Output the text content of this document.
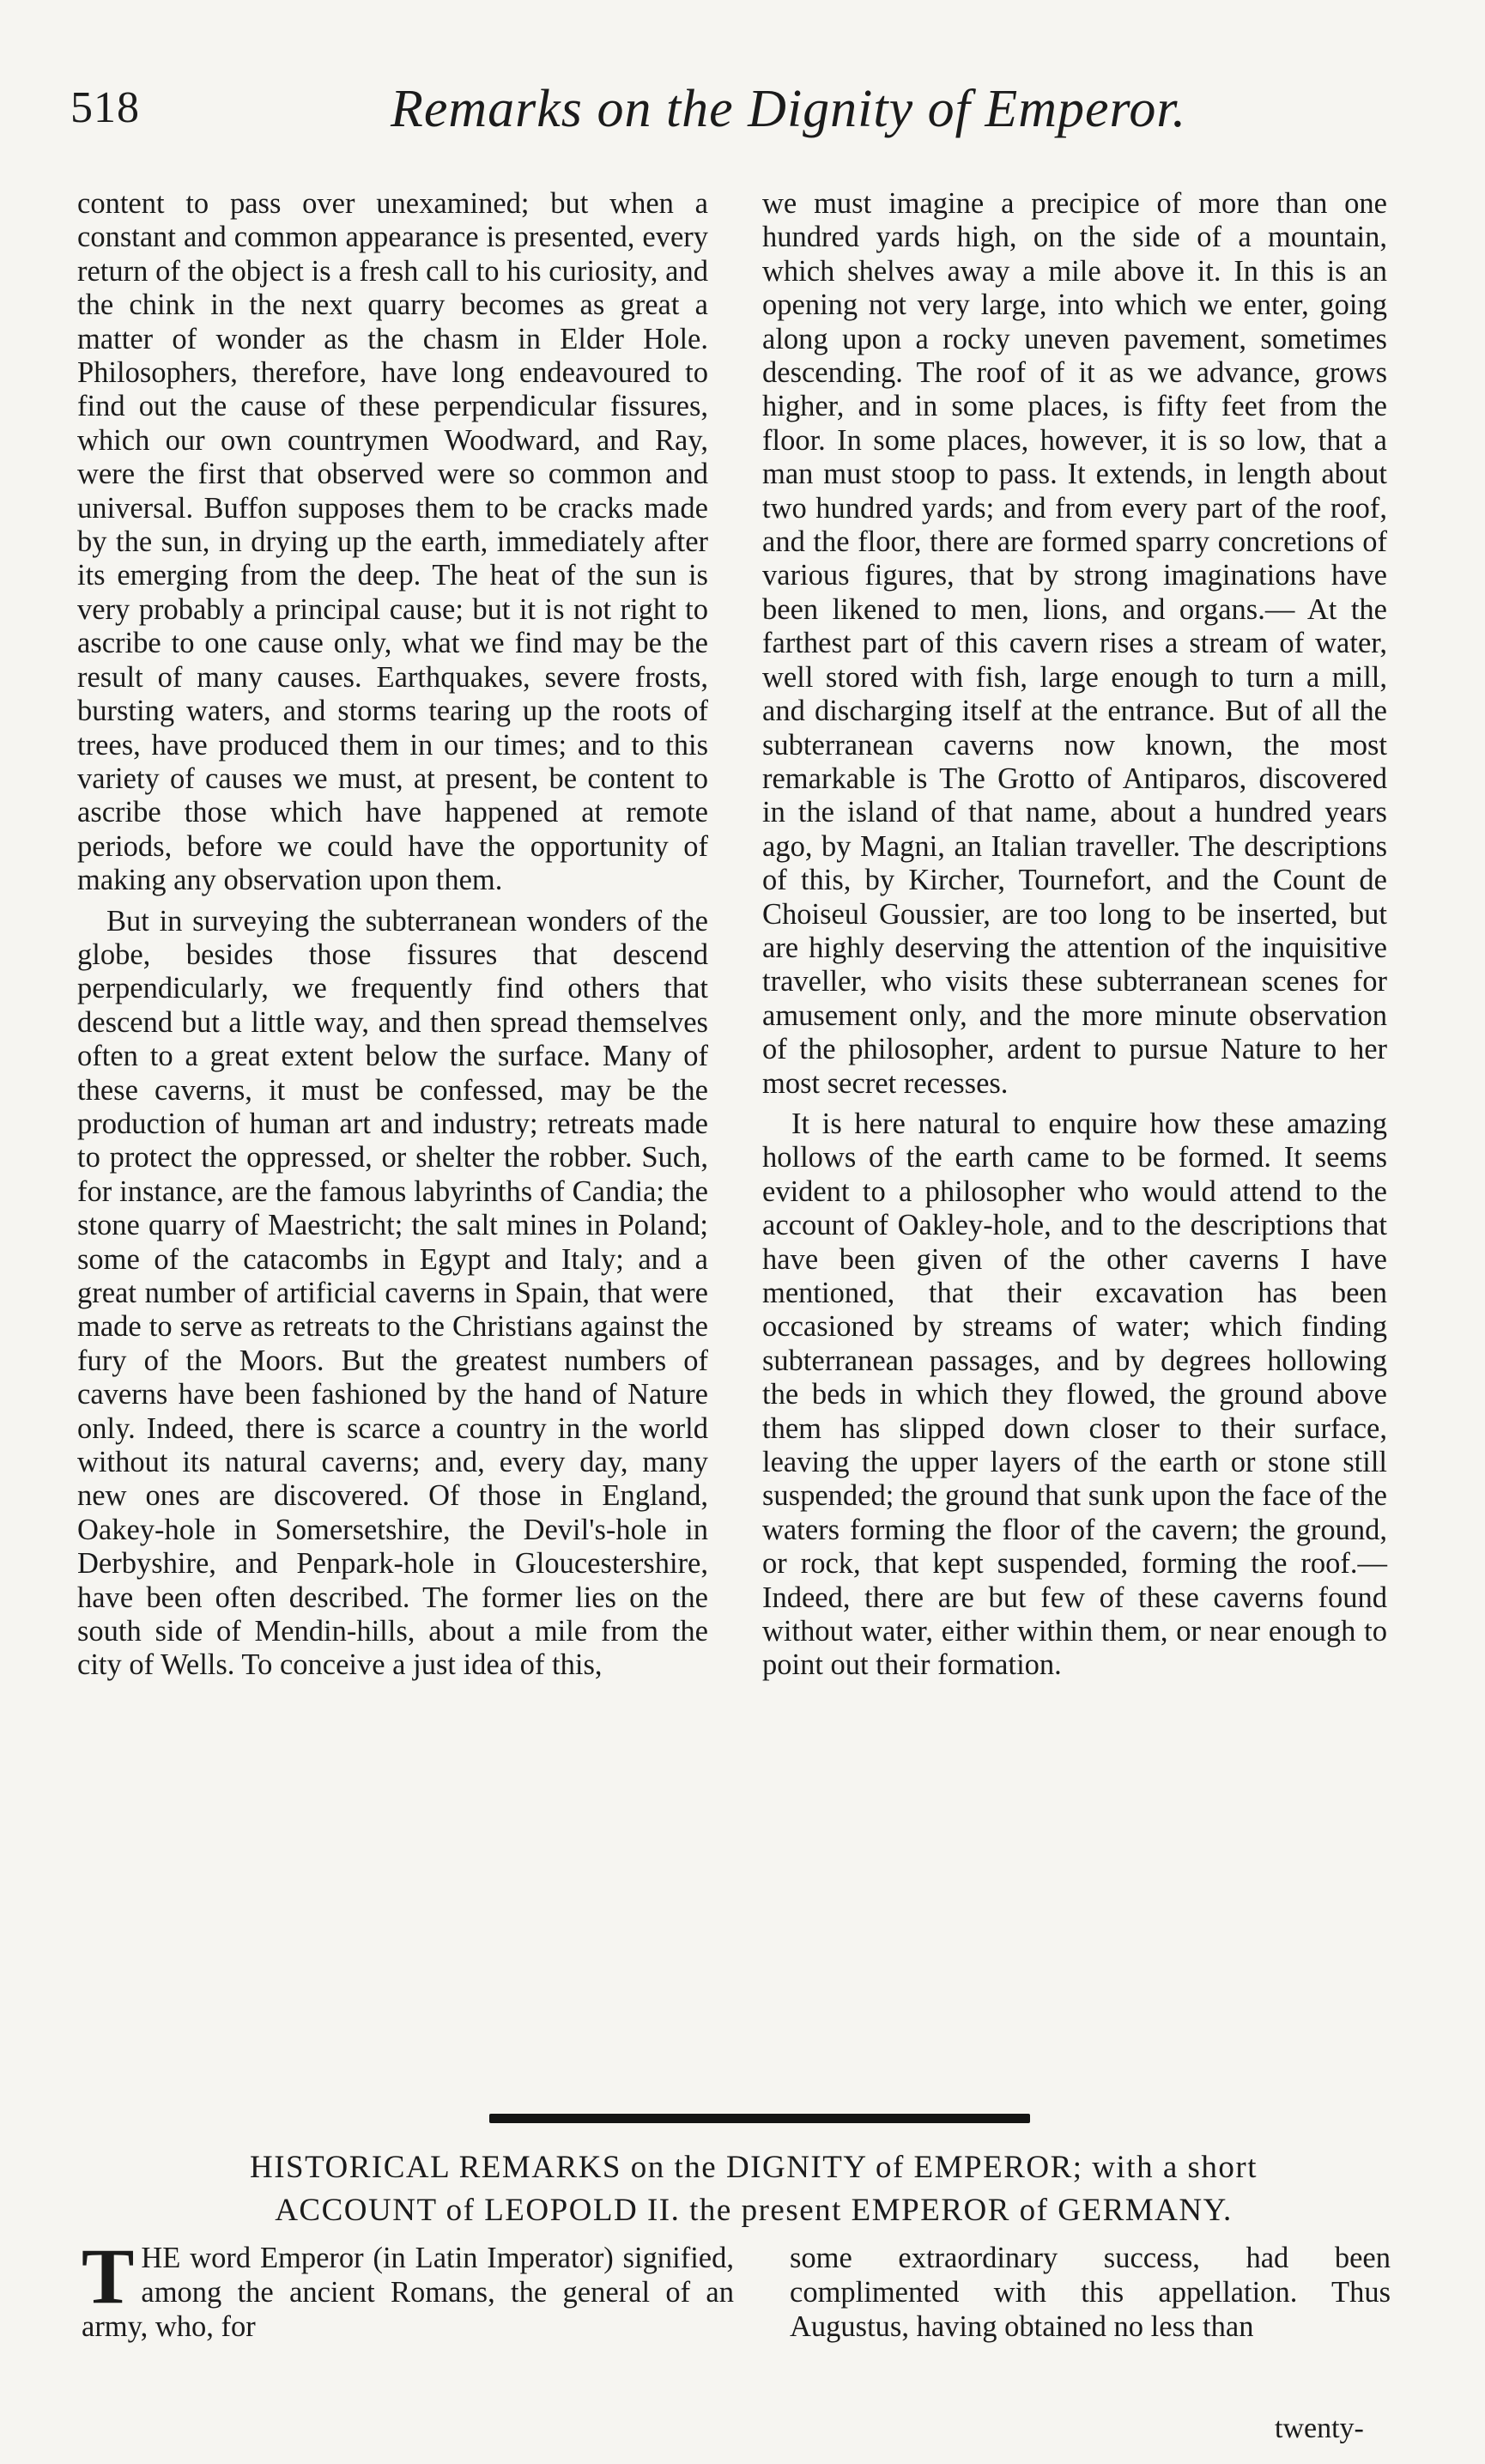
518	Remarks on the Dignity of Emperor.

content to pass over unexamined; but when a constant and common appearance is presented, every return of the object is a fresh call to his curiosity, and the chink in the next quarry becomes as great a matter of wonder as the chasm in Elder Hole. Philosophers, therefore, have long endeavoured to find out the cause of these perpendicular fissures, which our own countrymen Woodward, and Ray, were the first that observed were so common and universal. Buffon supposes them to be cracks made by the sun, in drying up the earth, immediately after its emerging from the deep. The heat of the sun is very probably a principal cause; but it is not right to ascribe to one cause only, what we find may be the result of many causes. Earthquakes, severe frosts, bursting waters, and storms tearing up the roots of trees, have produced them in our times; and to this variety of causes we must, at present, be content to ascribe those which have happened at remote periods, before we could have the opportunity of making any observation upon them.

But in surveying the subterranean wonders of the globe, besides those fissures that descend perpendicularly, we frequently find others that descend but a little way, and then spread themselves often to a great extent below the surface. Many of these caverns, it must be confessed, may be the production of human art and industry; retreats made to protect the oppressed, or shelter the robber. Such, for instance, are the famous labyrinths of Candia; the stone quarry of Maestricht; the salt mines in Poland; some of the catacombs in Egypt and Italy; and a great number of artificial caverns in Spain, that were made to serve as retreats to the Christians against the fury of the Moors. But the greatest numbers of caverns have been fashioned by the hand of Nature only. Indeed, there is scarce a country in the world without its natural caverns; and, every day, many new ones are discovered. Of those in England, Oakey-hole in Somersetshire, the Devil's-hole in Derbyshire, and Penpark-hole in Gloucestershire, have been often described. The former lies on the south side of Mendin-hills, about a mile from the city of Wells. To conceive a just idea of this,

we must imagine a precipice of more than one hundred yards high, on the side of a mountain, which shelves away a mile above it. In this is an opening not very large, into which we enter, going along upon a rocky uneven pavement, sometimes descending. The roof of it as we advance, grows higher, and in some places, is fifty feet from the floor. In some places, however, it is so low, that a man must stoop to pass. It extends, in length about two hundred yards; and from every part of the roof, and the floor, there are formed sparry concretions of various figures, that by strong imaginations have been likened to men, lions, and organs.— At the farthest part of this cavern rises a stream of water, well stored with fish, large enough to turn a mill, and discharging itself at the entrance. But of all the subterranean caverns now known, the most remarkable is The Grotto of Antiparos, discovered in the island of that name, about a hundred years ago, by Magni, an Italian traveller. The descriptions of this, by Kircher, Tournefort, and the Count de Choiseul Goussier, are too long to be inserted, but are highly deserving the attention of the inquisitive traveller, who visits these subterranean scenes for amusement only, and the more minute observation of the philosopher, ardent to pursue Nature to her most secret recesses.

It is here natural to enquire how these amazing hollows of the earth came to be formed. It seems evident to a philosopher who would attend to the account of Oakley-hole, and to the descriptions that have been given of the other caverns I have mentioned, that their excavation has been occasioned by streams of water; which finding subterranean passages, and by degrees hollowing the beds in which they flowed, the ground above them has slipped down closer to their surface, leaving the upper layers of the earth or stone still suspended; the ground that sunk upon the face of the waters forming the floor of the cavern; the ground, or rock, that kept suspended, forming the roof.— Indeed, there are but few of these caverns found without water, either within them, or near enough to point out their formation.

HISTORICAL REMARKS on the DIGNITY of EMPEROR; with a short
ACCOUNT of LEOPOLD II. the present EMPEROR of GERMANY.
T HE word Emperor (in Latin Imperator) signified, among the ancient Romans, the general of an army, who, for
some extraordinary success, had been complimented with this appellation. Thus Augustus, having obtained no less than
twenty-
